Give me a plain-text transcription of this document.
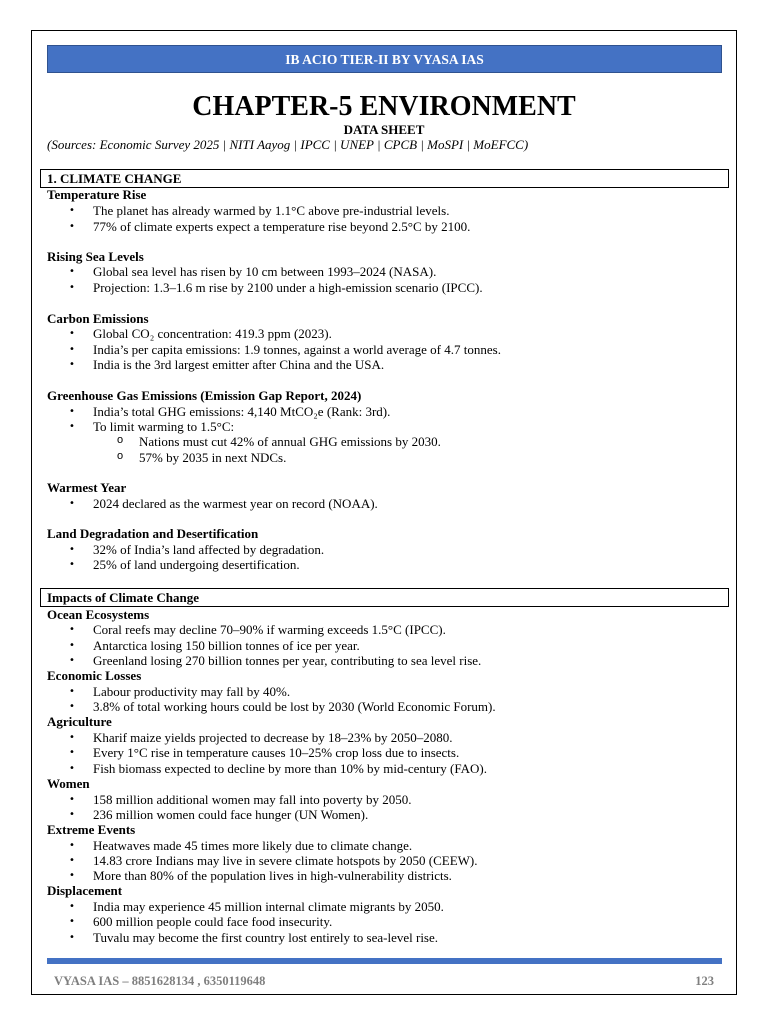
IB ACIO TIER-II BY VYASA IAS
CHAPTER-5 ENVIRONMENT
DATA SHEET
(Sources: Economic Survey 2025 | NITI Aayog | IPCC | UNEP | CPCB | MoSPI | MoEFCC)
1. CLIMATE CHANGE
Temperature Rise
• The planet has already warmed by 1.1°C above pre-industrial levels.
• 77% of climate experts expect a temperature rise beyond 2.5°C by 2100.
Rising Sea Levels
• Global sea level has risen by 10 cm between 1993–2024 (NASA).
• Projection: 1.3–1.6 m rise by 2100 under a high-emission scenario (IPCC).
Carbon Emissions
• Global CO₂ concentration: 419.3 ppm (2023).
• India’s per capita emissions: 1.9 tonnes, against a world average of 4.7 tonnes.
• India is the 3rd largest emitter after China and the USA.
Greenhouse Gas Emissions (Emission Gap Report, 2024)
• India’s total GHG emissions: 4,140 MtCO₂e (Rank: 3rd).
• To limit warming to 1.5°C:
o Nations must cut 42% of annual GHG emissions by 2030.
o 57% by 2035 in next NDCs.
Warmest Year
• 2024 declared as the warmest year on record (NOAA).
Land Degradation and Desertification
• 32% of India’s land affected by degradation.
• 25% of land undergoing desertification.
Impacts of Climate Change
Ocean Ecosystems
• Coral reefs may decline 70–90% if warming exceeds 1.5°C (IPCC).
• Antarctica losing 150 billion tonnes of ice per year.
• Greenland losing 270 billion tonnes per year, contributing to sea level rise.
Economic Losses
• Labour productivity may fall by 40%.
• 3.8% of total working hours could be lost by 2030 (World Economic Forum).
Agriculture
• Kharif maize yields projected to decrease by 18–23% by 2050–2080.
• Every 1°C rise in temperature causes 10–25% crop loss due to insects.
• Fish biomass expected to decline by more than 10% by mid-century (FAO).
Women
• 158 million additional women may fall into poverty by 2050.
• 236 million women could face hunger (UN Women).
Extreme Events
• Heatwaves made 45 times more likely due to climate change.
• 14.83 crore Indians may live in severe climate hotspots by 2050 (CEEW).
• More than 80% of the population lives in high-vulnerability districts.
Displacement
• India may experience 45 million internal climate migrants by 2050.
• 600 million people could face food insecurity.
• Tuvalu may become the first country lost entirely to sea-level rise.
VYASA IAS – 8851628134 , 6350119648	123
